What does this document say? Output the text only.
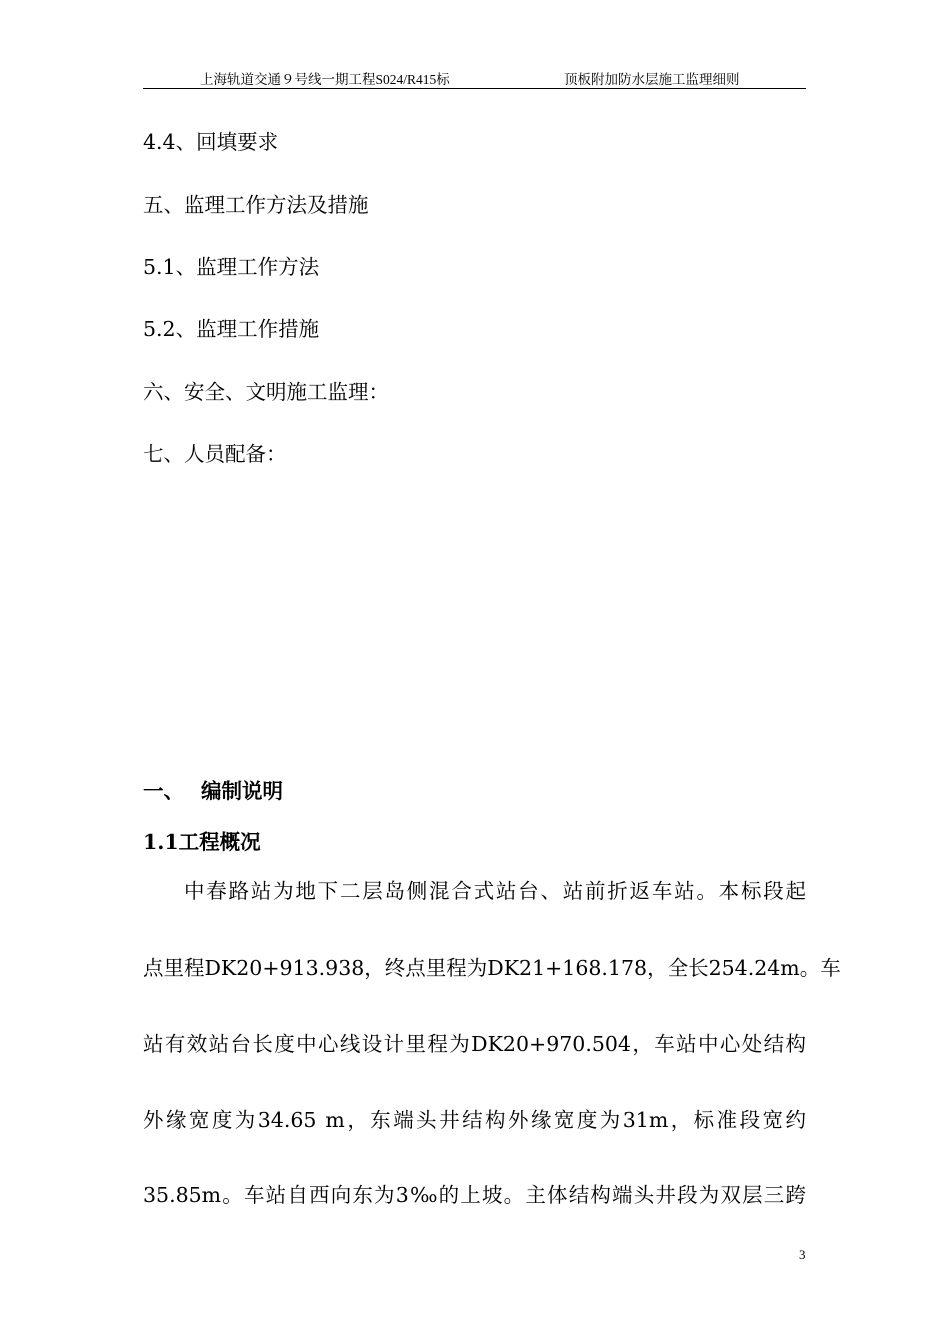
上海轨道交通９号线一期工程S024/R415标	顶板附加防水层施工监理细则
4.4、回填要求
五、监理工作方法及措施
5.1、监理工作方法
5.2、监理工作措施
六、安全、文明施工监理：
七、人员配备：
一、 编制说明
1.1工程概况
中春路站为地下二层岛侧混合式站台、站前折返车站。本标段起
点里程DK20+913.938，终点里程为DK21+168.178，全长254.24m。车
站有效站台长度中心线设计里程为DK20+970.504，车站中心处结构
外缘宽度为34.65 m，东端头井结构外缘宽度为31m，标准段宽约
35.85m。车站自西向东为3‰的上坡。主体结构端头井段为双层三跨
3
